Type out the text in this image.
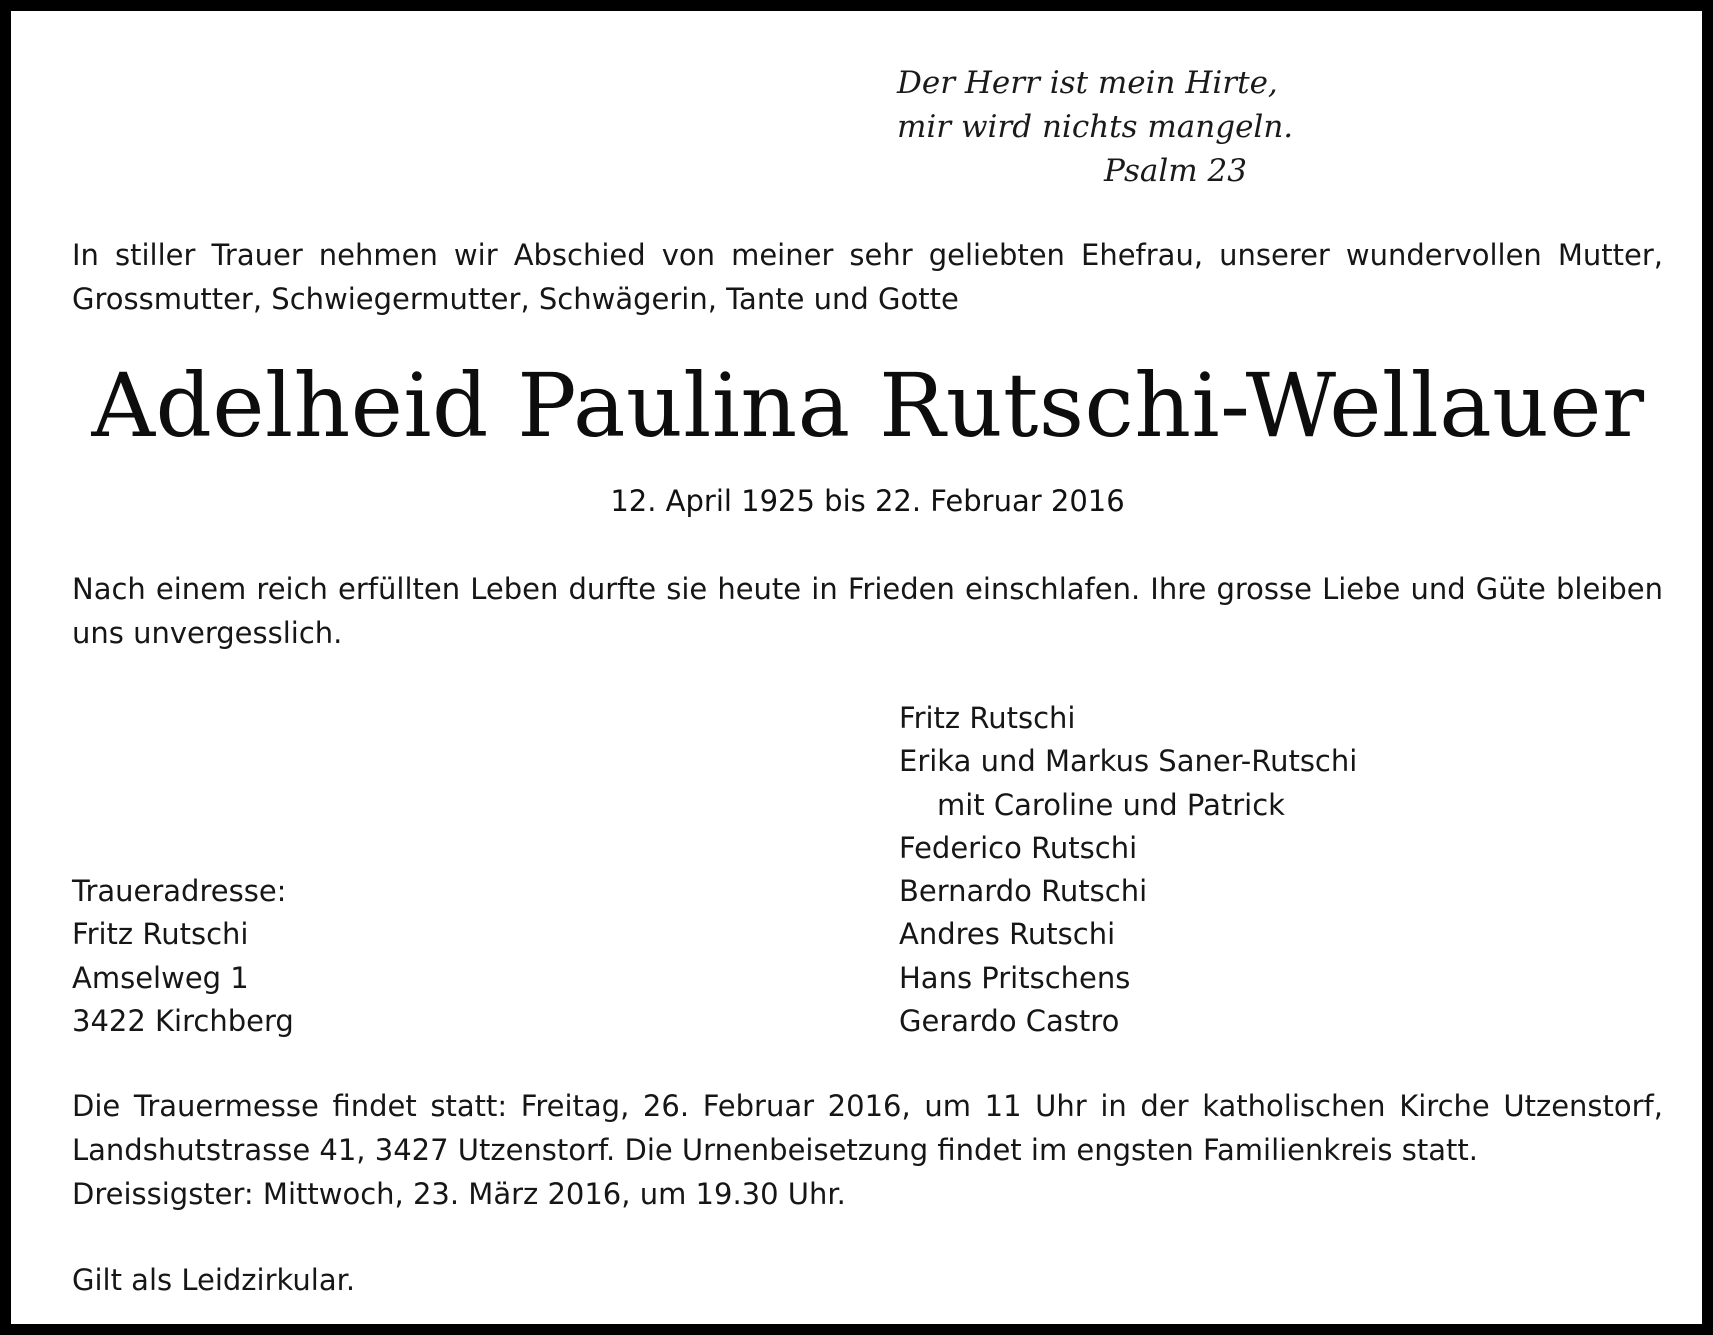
Der Herr ist mein Hirte,
mir wird nichts mangeln.
Psalm 23
In stiller Trauer nehmen wir Abschied von meiner sehr geliebten Ehefrau, unserer wundervollen Mutter, Grossmutter, Schwiegermutter, Schwägerin, Tante und Gotte
Adelheid Paulina Rutschi-Wellauer
12. April 1925 bis 22. Februar 2016
Nach einem reich erfüllten Leben durfte sie heute in Frieden einschlafen. Ihre grosse Liebe und Güte bleiben uns unvergesslich.
Fritz Rutschi
Erika und Markus Saner-Rutschi
mit Caroline und Patrick
Federico Rutschi
Bernardo Rutschi
Andres Rutschi
Hans Pritschens
Gerardo Castro
Traueradresse:
Fritz Rutschi
Amselweg 1
3422 Kirchberg
Die Trauermesse findet statt: Freitag, 26. Februar 2016, um 11 Uhr in der katholischen Kirche Utzenstorf, Landshutstrasse 41, 3427 Utzenstorf. Die Urnenbeisetzung findet im engsten Familienkreis statt.
Dreissigster: Mittwoch, 23. März 2016, um 19.30 Uhr.
Gilt als Leidzirkular.
